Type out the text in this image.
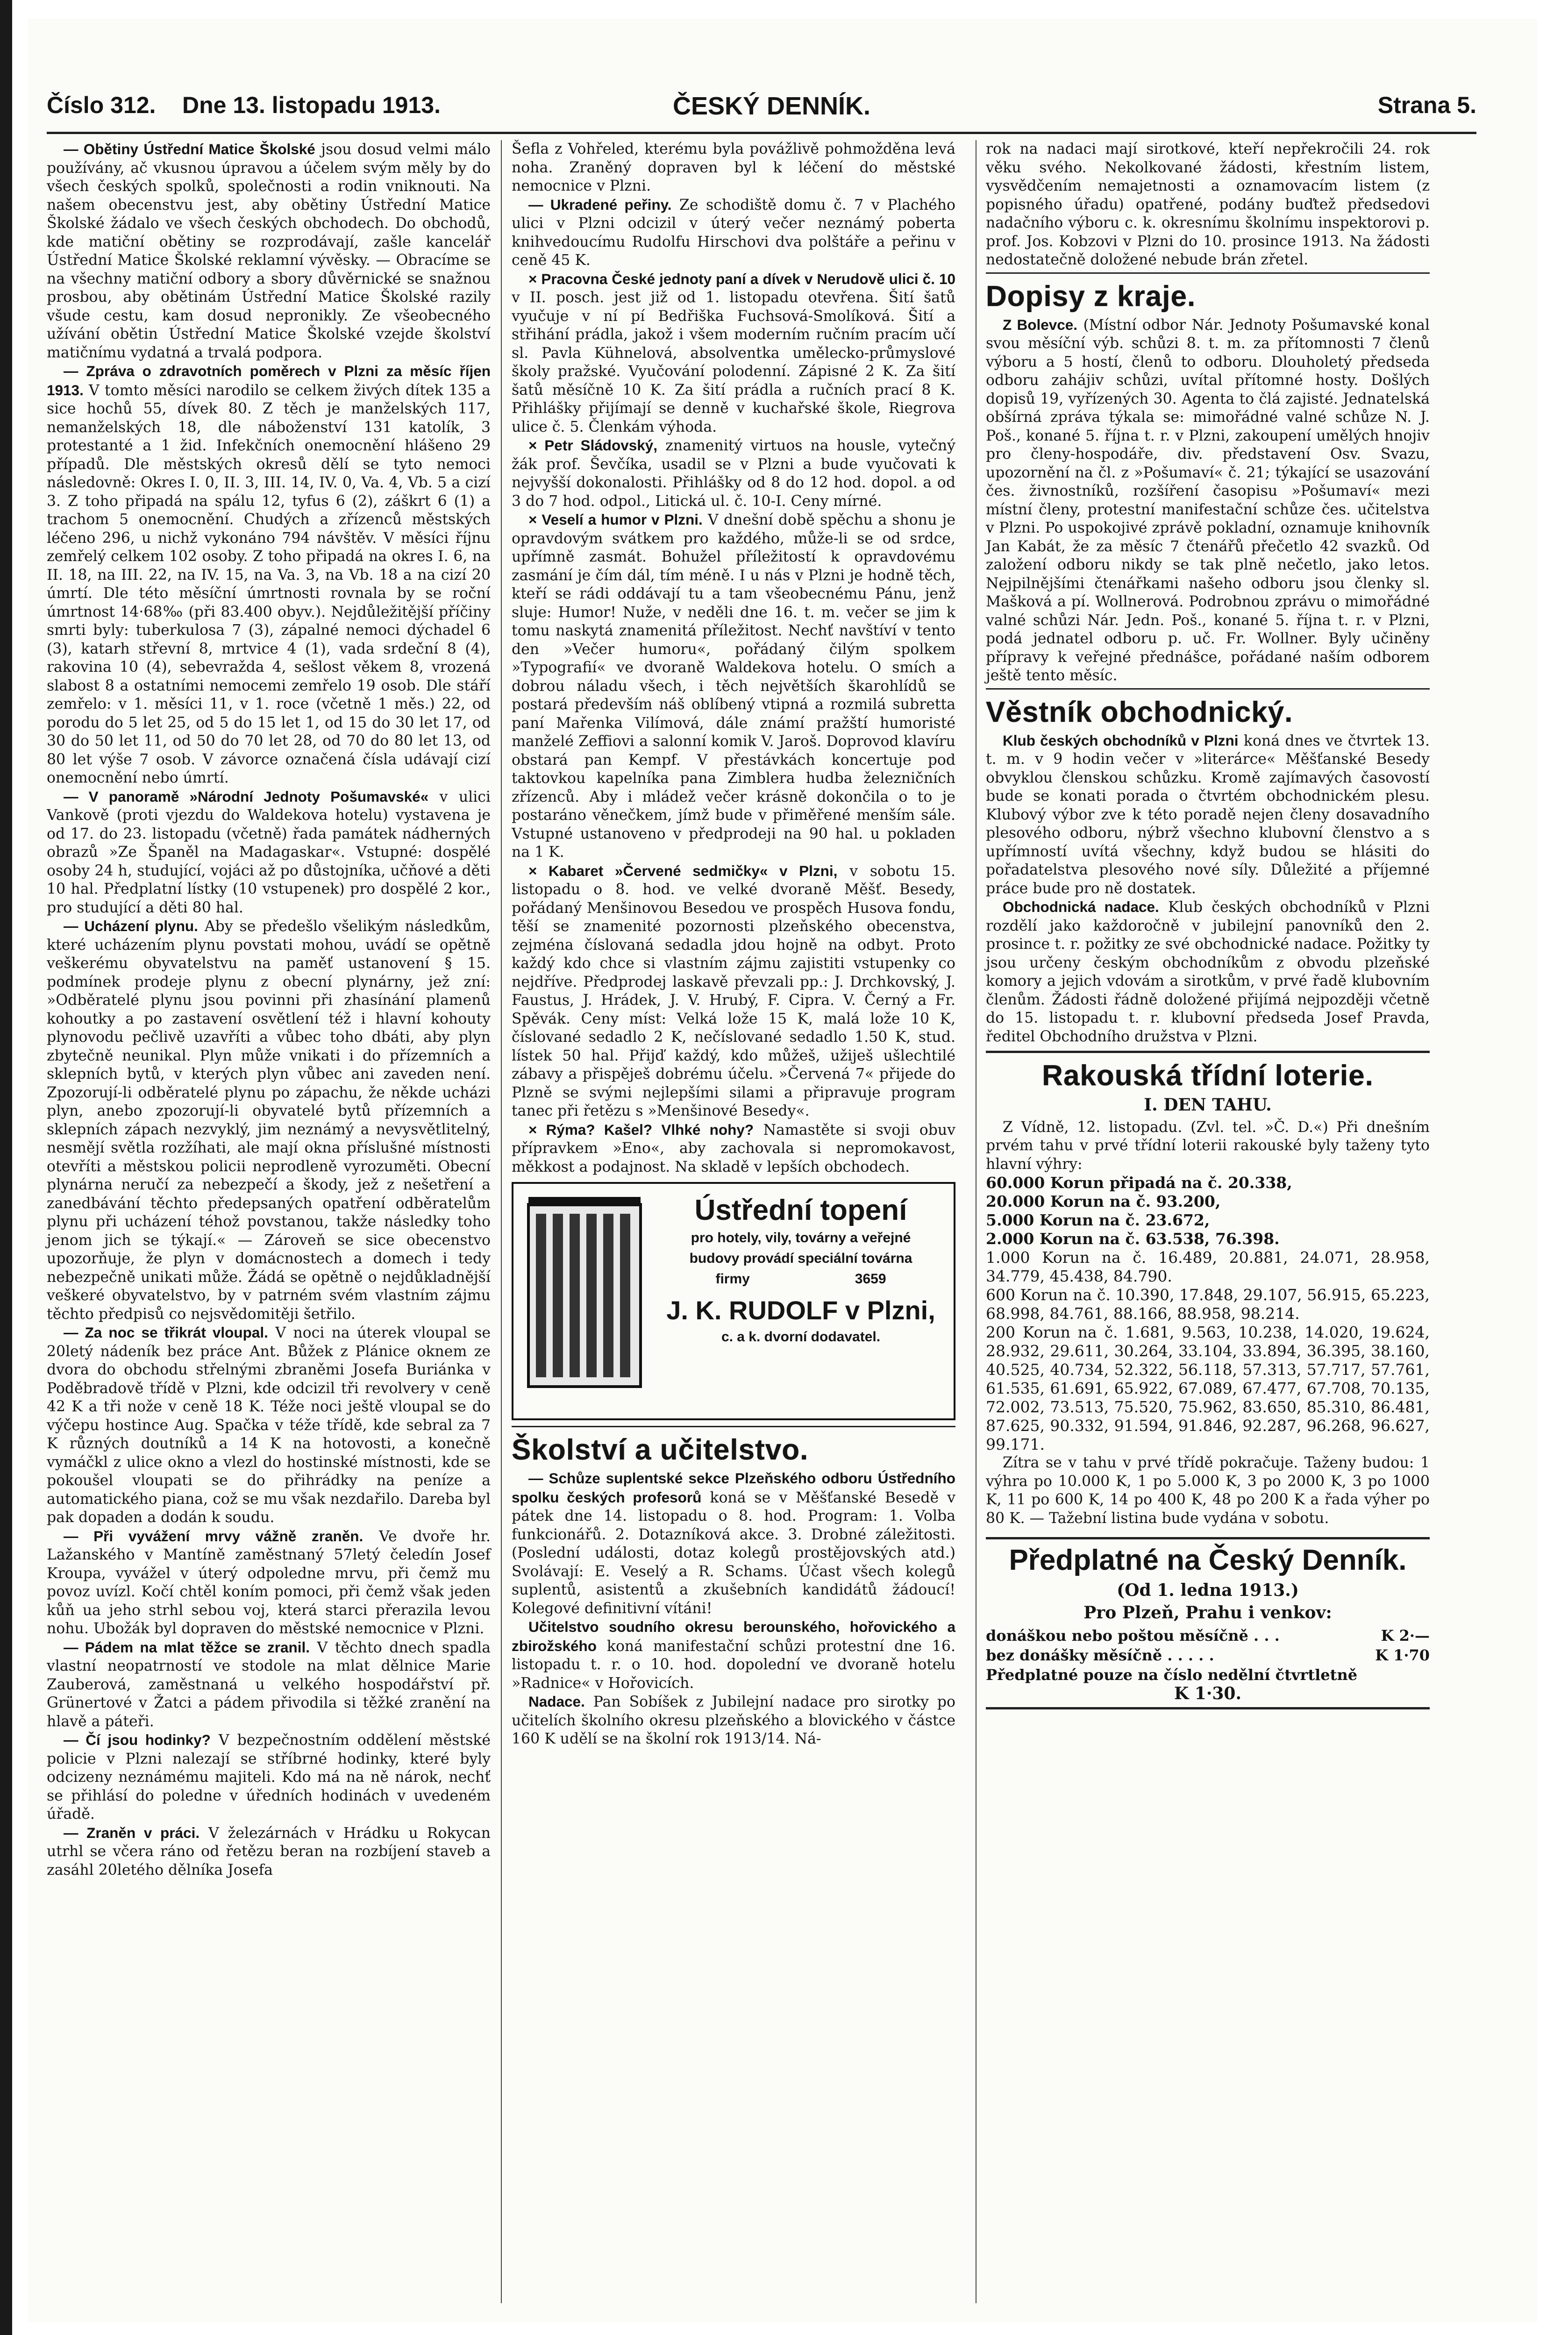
Číslo 312. Dne 13. listopadu 1913.	ČESKÝ DENNÍK.	Strana 5.

— Obětiny Ústřední Matice Školské jsou dosud velmi málo používány, ač vkusnou úpravou a účelem svým měly by do všech českých spolků, společnosti a rodin vniknouti. Na našem obecenstvu jest, aby obětiny Ústřední Matice Školské žádalo ve všech českých obchodech. Do obchodů, kde matiční obětiny se rozprodávají, zašle kancelář Ústřední Matice Školské reklamní vývěsky. — Obracíme se na všechny matiční odbory a sbory důvěrnické se snažnou prosbou, aby obětinám Ústřední Matice Školské razily všude cestu, kam dosud nepronikly. Ze všeobecného užívání obětin Ústřední Matice Školské vzejde školství matičnímu vydatná a trvalá podpora.

— Zpráva o zdravotních poměrech v Plzni za měsíc říjen 1913. V tomto měsíci narodilo se celkem živých dítek 135 a sice hochů 55, dívek 80. Z těch je manželských 117, nemanželských 18, dle náboženství 131 katolík, 3 protestanté a 1 žid. Infekčních onemocnění hlášeno 29 případů. Dle městských okresů dělí se tyto nemoci následovně: Okres I. 0, II. 3, III. 14, IV. 0, Va. 4, Vb. 5 a cizí 3. Z toho připadá na spálu 12, tyfus 6 (2), záškrt 6 (1) a trachom 5 onemocnění. Chudých a zřízenců městských léčeno 296, u nichž vykonáno 794 návštěv. V měsíci říjnu zemřelý celkem 102 osoby. Z toho připadá na okres I. 6, na II. 18, na III. 22, na IV. 15, na Va. 3, na Vb. 18 a na cizí 20 úmrtí. Dle této měsíční úmrtnosti rovnala by se roční úmrtnost 14·68‰ (při 83.400 obyv.). Nejdůležitější příčiny smrti byly: tuberkulosa 7 (3), zápalné nemoci dýchadel 6 (3), katarh střevní 8, mrtvice 4 (1), vada srdeční 8 (4), rakovina 10 (4), sebevražda 4, sešlost věkem 8, vrozená slabost 8 a ostatními nemocemi zemřelo 19 osob. Dle stáří zemřelo: v 1. měsíci 11, v 1. roce (včetně 1 měs.) 22, od porodu do 5 let 25, od 5 do 15 let 1, od 15 do 30 let 17, od 30 do 50 let 11, od 50 do 70 let 28, od 70 do 80 let 13, od 80 let výše 7 osob. V závorce označená čísla udávají cizí onemocnění nebo úmrtí.

— V panoramě »Národní Jednoty Pošumavské« v ulici Vankově (proti vjezdu do Waldekova hotelu) vystavena je od 17. do 23. listopadu (včetně) řada památek nádherných obrazů »Ze Španěl na Madagaskar«. Vstupné: dospělé osoby 24 h, studující, vojáci až po důstojníka, učňové a děti 10 hal. Předplatní lístky (10 vstupenek) pro dospělé 2 kor., pro studující a děti 80 hal.

— Ucházení plynu. Aby se předešlo všelikým následkům, které ucházením plynu povstati mohou, uvádí se opětně veškerému obyvatelstvu na paměť ustanovení § 15. podmínek prodeje plynu z obecní plynárny, jež zní: »Odběratelé plynu jsou povinni při zhasínání plamenů kohoutky a po zastavení osvětlení též i hlavní kohouty plynovodu pečlivě uzavříti a vůbec toho dbáti, aby plyn zbytečně neunikal. Plyn může vnikati i do přízemních a sklepních bytů, v kterých plyn vůbec ani zaveden není. Zpozorují-li odběratelé plynu po zápachu, že někde ucházi plyn, anebo zpozorují-li obyvatelé bytů přízemních a sklepních zápach nezvyklý, jim neznámý a nevysvětlitelný, nesmějí světla rozžíhati, ale mají okna příslušné místnosti otevříti a městskou policii neprodleně vyrozuměti. Obecní plynárna neručí za nebezpečí a škody, jež z nešetření a zanedbávání těchto předepsaných opatření odběratelům plynu při ucházení téhož povstanou, takže následky toho jenom jich se týkají.« — Zároveň se sice obecenstvo upozorňuje, že plyn v domácnostech a domech i tedy nebezpečně unikati může. Žádá se opětně o nejdůkladnější veškeré obyvatelstvo, by v patrném svém vlastním zájmu těchto předpisů co nejsvědomitěji šetřilo.

— Za noc se třikrát vloupal. V noci na úterek vloupal se 20letý nádeník bez práce Ant. Bůžek z Plánice oknem ze dvora do obchodu střelnými zbraněmi Josefa Buriánka v Poděbradově třídě v Plzni, kde odcizil tři revolvery v ceně 42 K a tři nože v ceně 18 K. Téže noci ještě vloupal se do výčepu hostince Aug. Spačka v téže třídě, kde sebral za 7 K různých doutníků a 14 K na hotovosti, a konečně vymáčkl z ulice okno a vlezl do hostinské místnosti, kde se pokoušel vloupati se do přihrádky na peníze a automatického piana, což se mu však nezdařilo. Dareba byl pak dopaden a dodán k soudu.

— Při vyvážení mrvy vážně zraněn. Ve dvoře hr. Lažanského v Mantíně zaměstnaný 57letý čeledín Josef Kroupa, vyvážel v úterý odpoledne mrvu, při čemž mu povoz uvízl. Kočí chtěl koním pomoci, při čemž však jeden kůň ua jeho strhl sebou voj, která starci přerazila levou nohu. Ubožák byl dopraven do městské nemocnice v Plzni.

— Pádem na mlat těžce se zranil. V těchto dnech spadla vlastní neopatrností ve stodole na mlat dělnice Marie Zauberová, zaměstnaná u velkého hospodářství př. Grünertové v Žatci a pádem přivodila si těžké zranění na hlavě a páteři.

— Čí jsou hodinky? V bezpečnostním oddělení městské policie v Plzni nalezají se stříbrné hodinky, které byly odcizeny neznámému majiteli. Kdo má na ně nárok, nechť se přihlásí do poledne v úředních hodinách v uvedeném úřadě.

— Zraněn v práci. V železárnách v Hrádku u Rokycan utrhl se včera ráno od řetězu beran na rozbíjení staveb a zasáhl 20letého dělníka Josefa

Šefla z Vohřeled, kterému byla povážlivě pohmožděna levá noha. Zraněný dopraven byl k léčení do městské nemocnice v Plzni.

— Ukradené peřiny. Ze schodiště domu č. 7 v Plachého ulici v Plzni odcizil v úterý večer neznámý poberta knihvedoucímu Rudolfu Hirschovi dva polštáře a peřinu v ceně 45 K.

× Pracovna České jednoty paní a dívek v Nerudově ulici č. 10 v II. posch. jest již od 1. listopadu otevřena. Šití šatů vyučuje v ní pí Bedřiška Fuchsová-Smolíková. Šití a střihání prádla, jakož i všem moderním ručním pracím učí sl. Pavla Kühnelová, absolventka umělecko-průmyslové školy pražské. Vyučování polodenní. Zápisné 2 K. Za šití šatů měsíčně 10 K. Za šití prádla a ručních prací 8 K. Přihlášky přijímají se denně v kuchařské škole, Riegrova ulice č. 5. Členkám výhoda.

× Petr Sládovský, znamenitý virtuos na housle, vytečný žák prof. Ševčíka, usadil se v Plzni a bude vyučovati k nejvyšší dokonalosti. Přihlášky od 8 do 12 hod. dopol. a od 3 do 7 hod. odpol., Litická ul. č. 10-I. Ceny mírné.

× Veselí a humor v Plzni. V dnešní době spěchu a shonu je opravdovým svátkem pro každého, může-li se od srdce, upřímně zasmát. Bohužel příležitostí k opravdovému zasmání je čím dál, tím méně. I u nás v Plzni je hodně těch, kteří se rádi oddávají tu a tam všeobecnému Pánu, jenž sluje: Humor! Nuže, v neděli dne 16. t. m. večer se jim k tomu naskytá znamenitá příležitost. Nechť navštíví v tento den »Večer humoru«, pořádaný čilým spolkem »Typografií« ve dvoraně Waldekova hotelu. O smích a dobrou náladu všech, i těch největších škarohlídů se postará především náš oblíbený vtipná a rozmilá subretta paní Mařenka Vilímová, dále známí pražští humoristé manželé Zeffiovi a salonní komik V. Jaroš. Doprovod klavíru obstará pan Kempf. V přestávkách koncertuje pod taktovkou kapelníka pana Zimblera hudba železničních zřízenců. Aby i mládež večer krásně dokončila o to je postaráno věnečkem, jímž bude v přiměřené menším sále. Vstupné ustanoveno v předprodeji na 90 hal. u pokladen na 1 K.

× Kabaret »Červené sedmičky« v Plzni, v sobotu 15. listopadu o 8. hod. ve velké dvoraně Měšť. Besedy, pořádaný Menšinovou Besedou ve prospěch Husova fondu, těší se znamenité pozornosti plzeňského obecenstva, zejména číslovaná sedadla jdou hojně na odbyt. Proto každý kdo chce si vlastním zájmu zajistiti vstupenky co nejdříve. Předprodej laskavě převzali pp.: J. Drchkovský, J. Faustus, J. Hrádek, J. V. Hrubý, F. Cipra. V. Černý a Fr. Spěvák. Ceny míst: Velká lože 15 K, malá lože 10 K, číslované sedadlo 2 K, nečíslované sedadlo 1.50 K, stud. lístek 50 hal. Přijď každý, kdo můžeš, užiješ ušlechtilé zábavy a přispěješ dobrému účelu. »Červená 7« přijede do Plzně se svými nejlepšími silami a připravuje program tanec při řetězu s »Menšinové Besedy«.

× Rýma? Kašel? Vlhké nohy? Namastěte si svoji obuv přípravkem »Eno«, aby zachovala si nepromokavost, měkkost a podajnost. Na skladě v lepších obchodech.

Ústřední topení
pro hotely, vily, továrny a veřejné
budovy provádí speciální továrna
firmy	3659
J. K. RUDOLF v Plzni,
c. a k. dvorní dodavatel.
Školství a učitelstvo.

— Schůze suplentské sekce Plzeňského odboru Ústředního spolku českých profesorů koná se v Měšťanské Besedě v pátek dne 14. listopadu o 8. hod. Program: 1. Volba funkcionářů. 2. Dotazníková akce. 3. Drobné záležitosti. (Poslední události, dotaz kolegů prostějovských atd.) Svolávají: E. Veselý a R. Schams. Účast všech kolegů suplentů, asistentů a zkušebních kandidátů žádoucí! Kolegové definitivní vítáni!

Učitelstvo soudního okresu berounského, hořovického a zbirožského koná manifestační schůzi protestní dne 16. listopadu t. r. o 10. hod. dopolední ve dvoraně hotelu »Radnice« v Hořovicích.

Nadace. Pan Sobíšek z Jubilejní nadace pro sirotky po učitelích školního okresu plzeňského a blovického v částce 160 K udělí se na školní rok 1913/14. Ná-

rok na nadaci mají sirotkové, kteří nepřekročili 24. rok věku svého. Nekolkované žádosti, křestním listem, vysvědčením nemajetnosti a oznamovacím listem (z popisného úřadu) opatřené, podány buďtež předsedovi nadačního výboru c. k. okresnímu školnímu inspektorovi p. prof. Jos. Kobzovi v Plzni do 10. prosince 1913. Na žádosti nedostatečně doložené nebude brán zřetel.

Dopisy z kraje.

Z Bolevce. (Místní odbor Nár. Jednoty Pošumavské konal svou měsíční výb. schůzi 8. t. m. za přítomnosti 7 členů výboru a 5 hostí, členů to odboru. Dlouholetý předseda odboru zahájiv schůzi, uvítal přítomné hosty. Došlých dopisů 19, vyřízených 30. Agenta to člá zajisté. Jednatelská obšírná zpráva týkala se: mimořádné valné schůze N. J. Poš., konané 5. října t. r. v Plzni, zakoupení umělých hnojiv pro členy-hospodáře, div. představení Osv. Svazu, upozornění na čl. z »Pošumaví« č. 21; týkající se usazování čes. živnostníků, rozšíření časopisu »Pošumaví« mezi místní členy, protestní manifestační schůze čes. učitelstva v Plzni. Po uspokojivé zprávě pokladní, oznamuje knihovník Jan Kabát, že za měsíc 7 čtenářů přečetlo 42 svazků. Od založení odboru nikdy se tak plně nečetlo, jako letos. Nejpilnějšími čtenářkami našeho odboru jsou členky sl. Mašková a pí. Wollnerová. Podrobnou zprávu o mimořádné valné schůzi Nár. Jedn. Poš., konané 5. října t. r. v Plzni, podá jednatel odboru p. uč. Fr. Wollner. Byly učiněny přípravy k veřejné přednášce, pořádané naším odborem ještě tento měsíc.

Věstník obchodnický.

Klub českých obchodníků v Plzni koná dnes ve čtvrtek 13. t. m. v 9 hodin večer v »literárce« Měšťanské Besedy obvyklou členskou schůzku. Kromě zajímavých časovostí bude se konati porada o čtvrtém obchodnickém plesu. Klubový výbor zve k této poradě nejen členy dosavadního plesového odboru, nýbrž všechno klubovní členstvo a s upřímností uvítá všechny, když budou se hlásiti do pořadatelstva plesového nové síly. Důležité a příjemné práce bude pro ně dostatek.

Obchodnická nadace. Klub českých obchodníků v Plzni rozdělí jako každoročně v jubilejní panovníků den 2. prosince t. r. požitky ze své obchodnické nadace. Požitky ty jsou určeny českým obchodníkům z obvodu plzeňské komory a jejich vdovám a sirotkům, v prvé řadě klubovním členům. Žádosti řádně doložené přijímá nejpozději včetně do 15. listopadu t. r. klubovní předseda Josef Pravda, ředitel Obchodního družstva v Plzni.

Rakouská třídní loterie.
I. DEN TAHU.

Z Vídně, 12. listopadu. (Zvl. tel. »Č. D.«) Při dnešním prvém tahu v prvé třídní loterii rakouské byly taženy tyto hlavní výhry:

60.000 Korun připadá na č. 20.338,

20.000 Korun na č. 93.200,

5.000 Korun na č. 23.672,

2.000 Korun na č. 63.538, 76.398.

1.000 Korun na č. 16.489, 20.881, 24.071, 28.958, 34.779, 45.438, 84.790.

600 Korun na č. 10.390, 17.848, 29.107, 56.915, 65.223, 68.998, 84.761, 88.166, 88.958, 98.214.

200 Korun na č. 1.681, 9.563, 10.238, 14.020, 19.624, 28.932, 29.611, 30.264, 33.104, 33.894, 36.395, 38.160, 40.525, 40.734, 52.322, 56.118, 57.313, 57.717, 57.761, 61.535, 61.691, 65.922, 67.089, 67.477, 67.708, 70.135, 72.002, 73.513, 75.520, 75.962, 83.650, 85.310, 86.481, 87.625, 90.332, 91.594, 91.846, 92.287, 96.268, 96.627, 99.171.

Zítra se v tahu v prvé třídě pokračuje. Taženy budou: 1 výhra po 10.000 K, 1 po 5.000 K, 3 po 2000 K, 3 po 1000 K, 11 po 600 K, 14 po 400 K, 48 po 200 K a řada výher po 80 K. — Tažební listina bude vydána v sobotu.

Předplatné na Český Denník.
(Od 1. ledna 1913.)
Pro Plzeň, Prahu i venkov:
donáškou nebo poštou měsíčně . . .	K 2·—
bez donášky měsíčně . . . . .	K 1·70
Předplatné pouze na číslo nedělní čtvrtletně
K 1·30.
